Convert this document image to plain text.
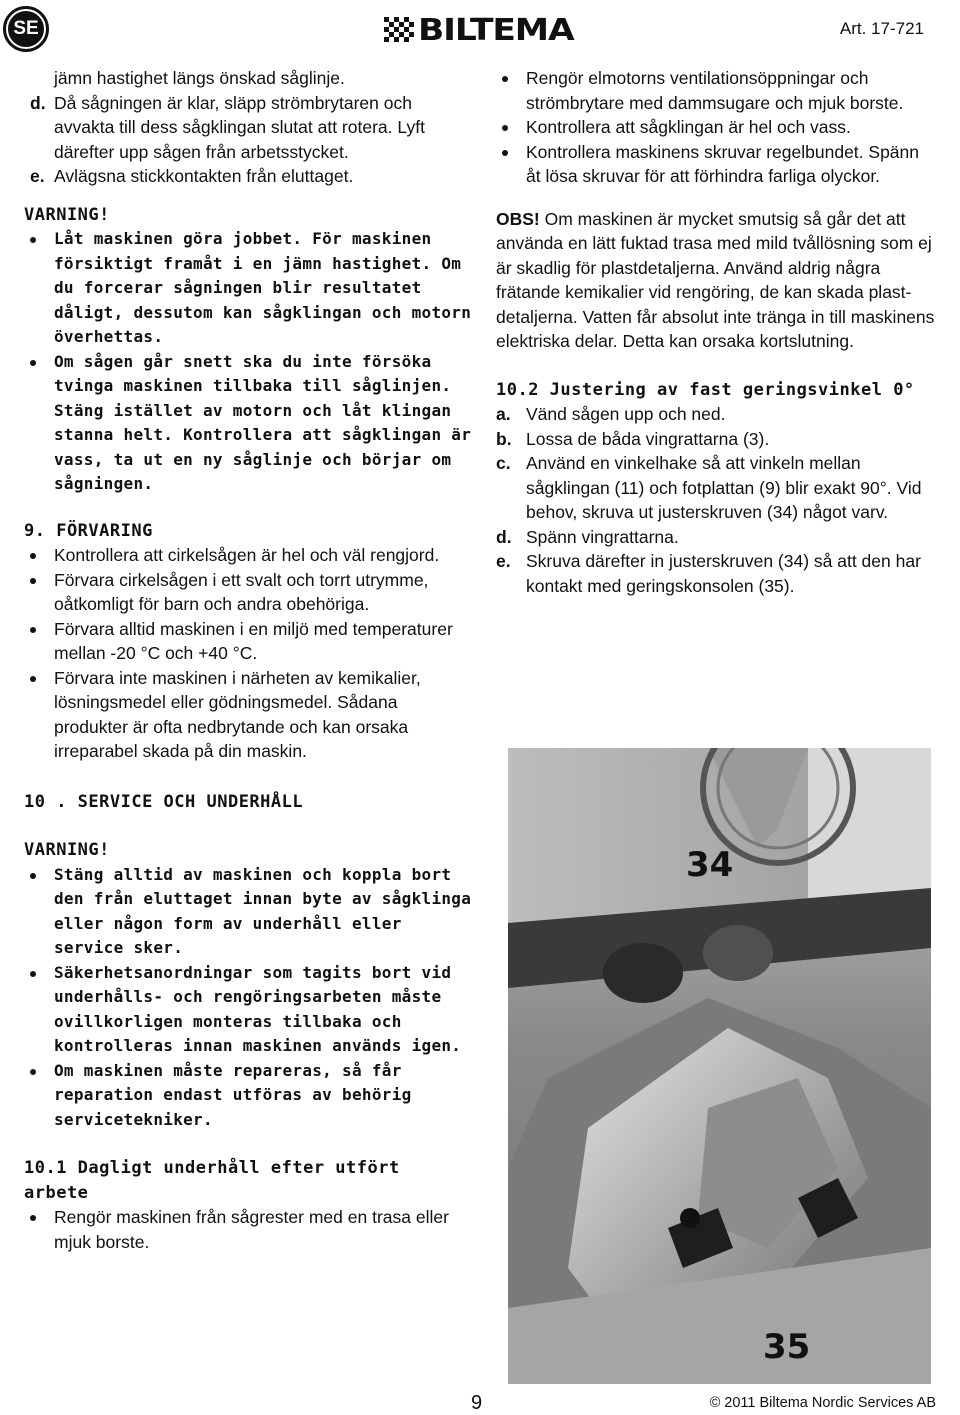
SE	BILTEMA	Art. 17-721

jämn hastighet längs önskad såglinje.

d. Då sågningen är klar, släpp strömbrytaren och avvakta till dess sågklingan slutat att rotera. Lyft därefter upp sågen från arbetsstycket.
e. Avlägsna stickkontakten från eluttaget.

VARNING!

Låt maskinen göra jobbet. För maskinen försiktigt framåt i en jämn hastighet. Om du forcerar sågningen blir resultatet dåligt, dessutom kan sågklingan och motorn överhettas.
Om sågen går snett ska du inte försöka tvinga maskinen tillbaka till såglinjen. Stäng istället av motorn och låt klingan stanna helt. Kontrollera att sågklingan är vass, ta ut en ny såglinje och börjar om sågningen.

9. FÖRVARING

Kontrollera att cirkelsågen är hel och väl rengjord.
Förvara cirkelsågen i ett svalt och torrt utrymme, oåtkomligt för barn och andra obehöriga.
Förvara alltid maskinen i en miljö med temperaturer mellan -20 °C och +40 °C.
Förvara inte maskinen i närheten av kemikalier, lösningsmedel eller gödningsmedel. Sådana produkter är ofta nedbrytande och kan orsaka irreparabel skada på din maskin.

10 . SERVICE OCH UNDERHÅLL

VARNING!

Stäng alltid av maskinen och koppla bort den från eluttaget innan byte av sågklinga eller någon form av underhåll eller service sker.
Säkerhetsanordningar som tagits bort vid underhålls- och rengöringsarbeten måste ovillkorligen monteras tillbaka och kontrolleras innan maskinen används igen.
Om maskinen måste repareras, så får reparation endast utföras av behörig servicetekniker.

10.1 Dagligt underhåll efter utfört arbete

Rengör maskinen från sågrester med en trasa eller mjuk borste.
Rengör elmotorns ventilationsöppningar och strömbrytare med dammsugare och mjuk borste.
Kontrollera att sågklingan är hel och vass.
Kontrollera maskinens skruvar regelbundet. Spänn åt lösa skruvar för att förhindra farliga olyckor.

OBS! Om maskinen är mycket smutsig så går det att använda en lätt fuktad trasa med mild tvållösning som ej är skadlig för plastdetaljerna. Använd aldrig några frätande kemikalier vid rengöring, de kan skada plastdetaljerna. Vatten får absolut inte tränga in till maskinens elektriska delar. Detta kan orsaka kortslutning.

10.2 Justering av fast geringsvinkel 0°

a. Vänd sågen upp och ned.
b. Lossa de båda vingrattarna (3).
c. Använd en vinkelhake så att vinkeln mellan sågklingan (11) och fotplattan (9) blir exakt 90°. Vid behov, skruva ut justerskruven (34) något varv.
d. Spänn vingrattarna.
e. Skruva därefter in justerskruven (34) så att den har kontakt med geringskonsolen (35).
34
35
9	© 2011 Biltema Nordic Services AB
